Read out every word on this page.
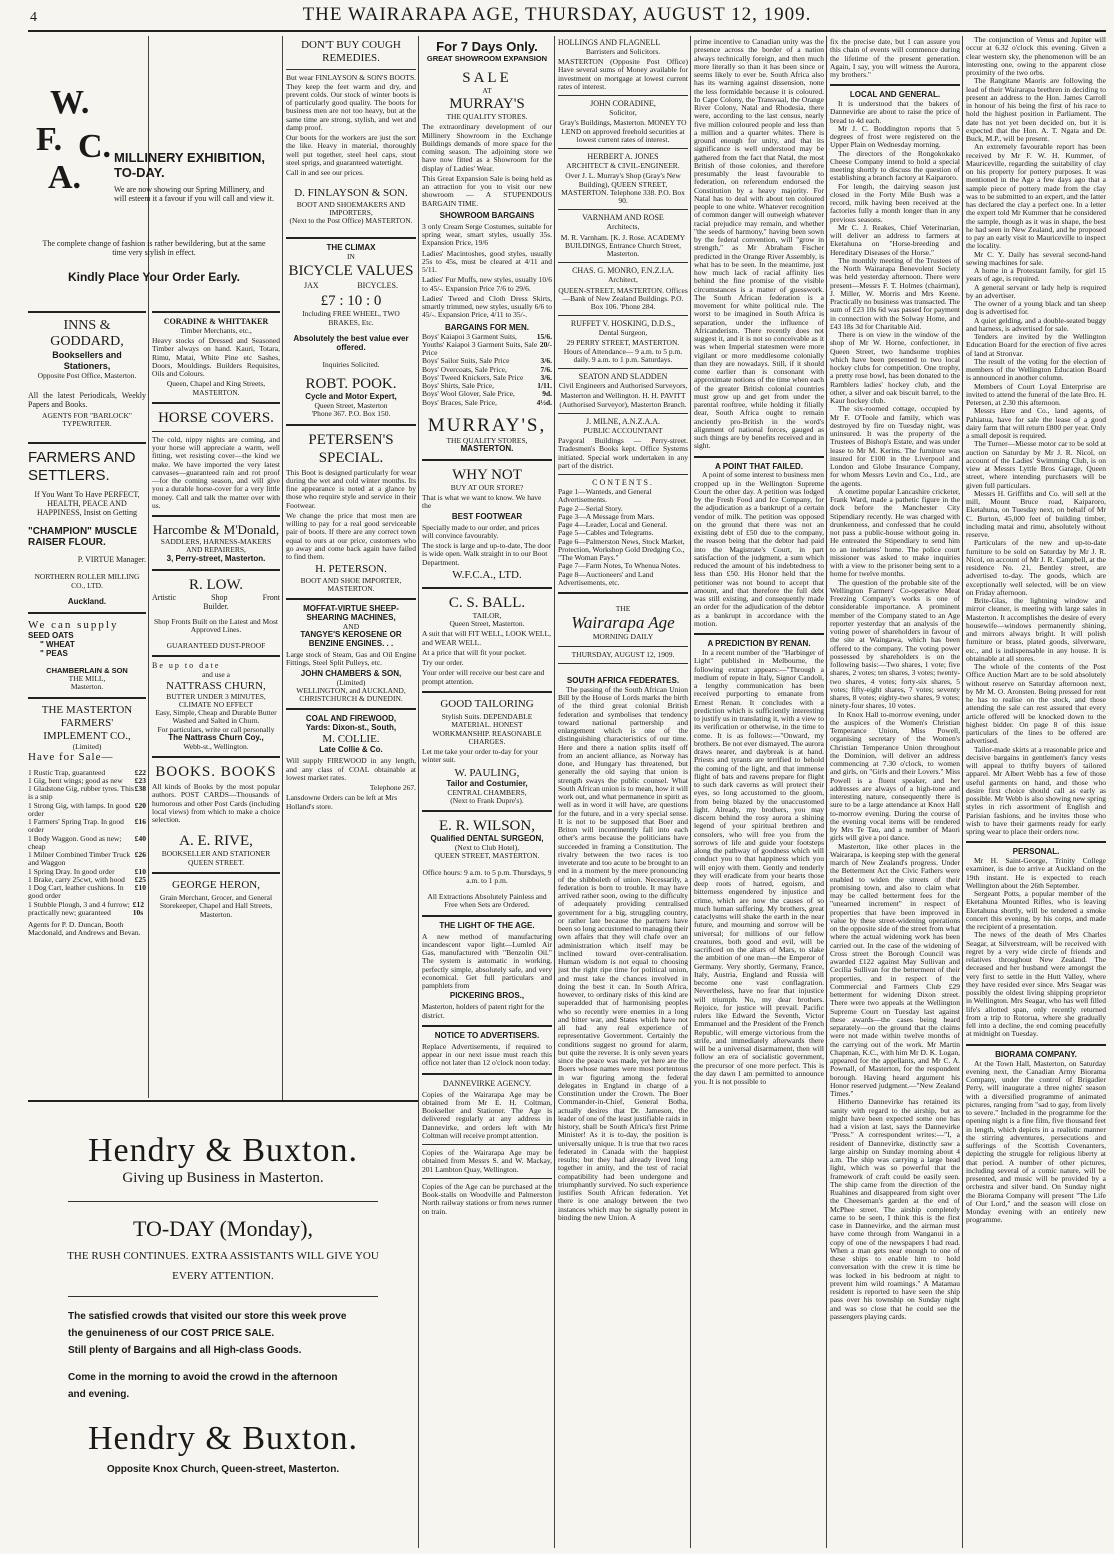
4	THE WAIRARAPA AGE, THURSDAY, AUGUST 12, 1909.
W.
F.
A.
C. MILLINERY EXHIBITION,
TO-DAY.
We are now showing our Spring Millinery, and will esteem it a favour if you will call and view it.
The complete change of fashion is rather bewildering, but at the same time very stylish in effect.
Kindly Place Your Order Early.
INNS & GODDARD,
Booksellers and Stationers,
Opposite Post Office, Masterton.

All the latest Periodicals, Weekly Papers and Books.

AGENTS FOR "BARLOCK" TYPEWRITER.
FARMERS AND SETTLERS.

If You Want To Have PERFECT, HEALTH, PEACE AND HAPPINESS, Insist on Getting

"CHAMPION" MUSCLE RAISER FLOUR.
P. VIRTUE Manager.
NORTHERN ROLLER MILLING CO., LTD.
Auckland.
We can supply
SEED OATS
" WHEAT
" PEAS
CHAMBERLAIN & SON
THE MILL,
Masterton.
THE MASTERTON FARMERS' IMPLEMENT CO.,
(Limited)
Have for Sale—
1 Rustic Trap, guaranteed	£22
1 Gig, bent wings; good as new £23
1 Gladstone Gig, rubber tyres. This is a snip
£38
1 Strong Gig, with lamps. In good order
£20
1 Farmers' Spring Trap. In good order
£16
1 Body Waggon. Good as new; cheap
£40
1 Milner Combined Timber Truck and Waggon
£26
1 Spring Dray. In good order	£10
1 Brake, carry 25cwt, with hood £25
1 Dog Cart, leather cushions. In good order
£10
1 Stubble Plough, 3 and 4 furrow; practically new; guaranteed
£12 10s
Agents for P. D. Duncan, Booth Macdonald, and Andrews and Bevan.
CORADINE & WHITTAKER
Timber Merchants, etc.,

Heavy stocks of Dressed and Seasoned Timber always on hand. Kauri, Totara, Rimu, Matai, White Pine etc Sashes, Doors, Mouldings. Builders Requisites, Oils and Colours.

Queen, Chapel and King Streets, MASTERTON.
HORSE COVERS.

The cold, nippy nights are coming, and your horse will appreciate a warm, well fitting, wet resisting cover—the kind we make. We have imported the very latest canvases—guaranteed rain and rot proof—for the coming season, and will give you a durable horse-cover for a very little money. Call and talk the matter over with us.

Harcombe & M'Donald,
SADDLERS, HARNESS-MAKERS AND REPAIRERS,
3, Perry-street, Masterton.
R. LOW.
Artistic	Shop	Front
Builder.

Shop Fronts Built on the Latest and Most Approved Lines.

GUARANTEED DUST-PROOF
Be up to date
and use a
NATTRASS CHURN,
BUTTER UNDER 3 MINUTES, CLIMATE NO EFFECT
Easy, Simple, Cheap and Durable Butter Washed and Salted in Churn.
For particulars, write or call personally
The Nattrass Churn Coy.,
Webb-st., Wellington.
BOOKS. BOOKS

All kinds of Books by the most popular authors. POST CARDS—Thousands of humorous and other Post Cards (including local views) from which to make a choice selection.

A. E. RIVE,
BOOKSELLER AND STATIONER
QUEEN STREET.
GEORGE HERON,

Grain Merchant, Grocer, and General Storekeeper, Chapel and Hall Streets, Masterton.

DON'T BUY COUGH REMEDIES.

But wear FINLAYSON & SON'S BOOTS. They keep the feet warm and dry, and prevent colds. Our stock of winter boots is of particularly good quality. The boots for business men are not too heavy, but at the same time are strong, stylish, and wet and damp proof.

Our boots for the workers are just the sort the like. Heavy in material, thoroughly well put together, steel heel caps, stout steel sprigs, and guaranteed watertight.

Call in and see our prices.

D. FINLAYSON & SON.
BOOT AND SHOEMAKERS AND IMPORTERS,
(Next to the Post Office) MASTERTON.
THE CLIMAX
IN
BICYCLE VALUES
JAX	BICYCLES.
£7 : 10 : 0
Including FREE WHEEL, TWO BRAKES, Etc.
Absolutely the best value ever offered.
Inquiries Solicited.
ROBT. POOK.
Cycle and Motor Expert,
Queen Street, Masterton
'Phone 367. P.O. Box 150.
PETERSEN'S SPECIAL.

This Boot is designed particularly for wear during the wet and cold winter months. Its fine appearance is noted at a glance by those who require style and service in their Footwear.

We change the price that most men are willing to pay for a real good serviceable pair of boots. If there are any correct town equal to ours at our price, customers who go away and come back again have failed to find them.

H. PETERSON.
BOOT AND SHOE IMPORTER,
MASTERTON.
MOFFAT-VIRTUE SHEEP-SHEARING MACHINES,
AND
TANGYE'S KEROSENE OR BENZINE ENGINES. . .

Large stock of Steam, Gas and Oil Engine Fittings, Steel Split Pulleys, etc.

JOHN CHAMBERS & SON,
(Limited)
WELLINGTON, and AUCKLAND, CHRISTCHURCH & DUNEDIN.
COAL AND FIREWOOD,
Yards: Dixon-st., South,
M. COLLIE.
Late Collie & Co.

Will supply FIREWOOD in any length, and any class of COAL obtainable at lowest market rates.

Telephone 267.

Lansdowne Orders can be left at Mrs Holland's store.

For 7 Days Only.
GREAT SHOWROOM EXPANSION
SALE
AT
MURRAY'S
THE QUALITY STORES.

The extraordinary development of our Millinery Showroom in the Exchange Buildings demands of more space for the coming season. The adjoining store we have now fitted as a Showroom for the display of Ladies' Wear.

This Great Expansion Sale is being held as an attraction for you to visit our new showroom — A STUPENDOUS BARGAIN TIME.

SHOWROOM BARGAINS

3 only Cream Serge Costumes, suitable for spring wear, smart styles, usually 35s. Expansion Price, 19/6

Ladies' Macintoshes, good styles, usually 25s to 45s, must be cleared at 4/11 and 5/11.

Ladies' Fur Muffs, new styles, usually 10/6 to 45/-. Expansion Price 7/6 to 29/6.

Ladies' Tweed and Cloth Dress Skirts, smartly trimmed, new styles, usually 6/6 to 45/-. Expansion Price, 4/11 to 35/-.

BARGAINS FOR MEN.
Boys' Kaiapoi 3 Garment Suits,	15/6.
Youths' Kaiapoi 3 Garment Suits, Sale Price
20/-
Boys' Sailor Suits, Sale Price	3/6.
Boys' Overcoats, Sale Price,	7/6.
Boys' Tweed Knickers, Sale Price 3/6.
Boys' Shirts, Sale Price,	1/11.
Boys' Wool Glover, Sale Price,	9d.
Boys' Braces, Sale Price,	4½d.
MURRAY'S,
THE QUALITY STORES,
MASTERTON.
WHY NOT
BUY AT OUR STORE?

That is what we want to know. We have the

BEST FOOTWEAR

Specially made to our order, and prices will convince favourably.

The stock is large and up-to-date, The door is wide open. Walk straight in to our Boot Department.

W.F.C.A., LTD.
C. S. BALL.
TAILOR,
Queen Street, Masterton.

A suit that will FIT WELL, LOOK WELL, and WEAR WELL.

At a price that will fit your pocket.

Try our order.

Your order will receive our best care and prompt attention.

GOOD TAILORING

Stylish Suits. DEPENDABLE MATERIAL. HONEST WORKMANSHIP. REASONABLE CHARGES.

Let me take your order to-day for your winter suit.

W. PAULING,
Tailor and Costumier,
CENTRAL CHAMBERS,
(Next to Frank Dupre's).
E. R. WILSON,
Qualified DENTAL SURGEON,
(Next to Club Hotel),
QUEEN STREET, MASTERTON.

Office hours: 9 a.m. to 5 p.m. Thursdays, 9 a.m. to 1 p.m.

All Extractions Absolutely Painless and Free when Sets are Ordered.

THE LIGHT OF THE AGE.

A new method of manufacturing incandescent vapor light—Lumled Air Gas, manufactured with "Benzolin Oil." The system is automatic in working, perfectly simple, absolutely safe, and very economical. Get full particulars and pamphlets from

PICKERING BROS.,

Masterton, holders of patent right for the district.

NOTICE TO ADVERTISERS.

Replace Advertisements, if required to appear in our next issue must reach this office not later than 12 o'clock noon today.

DANNEVIRKE AGENCY.

Copies of the Wairarapa Age may be obtained from Mr E. H. Coltman, Bookseller and Stationer. The Age is delivered regularly at any address in Dannevirke, and orders left with Mr Coltman will receive prompt attention.

Copies of the Wairarapa Age may be obtained from Messrs S. and W. Mackay, 201 Lambton Quay, Wellington.

Copies of the Age can be purchased at the Book-stalls on Woodville and Palmerston North railway stations or from news runner on train.

HOLLINGS AND FLAGNELL
Barristers and Solicitors.

MASTERTON (Opposite Post Office) Have several sums of Money available for investment on mortgage at lowest current rates of interest.

JOHN CORADINE,
Solicitor,

Gray's Buildings, Masterton. MONEY TO LEND on approved freehold securities at lowest current rates of interest.

HERBERT A. JONES
ARCHITECT & CIVIL-ENGINEER.

Over J. L. Murray's Shop (Gray's New Building), QUEEN STREET, MASTERTON. Telephone 338. P.O. Box 90.

VARNHAM AND ROSE
Architects,

M. R. Varnham. [K. J. Rose. ACADEMY BUILDINGS, Entrance Church Street, Masterton.

CHAS. G. MONRO, F.N.Z.I.A.
Architect,

QUEEN-STREET, MASTERTON. Offices—Bank of New Zealand Buildings. P.O. Box 106. 'Phone 284.

RUFFET V. HOSKING, D.D.S.,
Dental Surgeon,

29 PERRY STREET, MASTERTON. Hours of Attendance— 9 a.m. to 5 p.m. daily. 9 a.m. to 1 p.m. Saturdays.

SEATON AND SLADDEN
Civil Engineers and Authorised Surveyors,

Masterton and Wellington. H. H. PAVITT (Authorised Surveyor), Masterton Branch.

J. MILNE, A.N.Z.A.A.
PUBLIC ACCOUNTANT

Pavgoral Buildings — Perry-street. Tradesmen's Books kept. Office Systems initiated. Special work undertaken in any part of the district.

CONTENTS.
Page 1—Wanteds, and General Advertisements.
Page 2—Serial Story.
Page 3—A Message from Mars.
Page 4—Leader, Local and General.
Page 5—Cables and Telegrams.
Page 6—Palmerston News, Stock Market, Protection, Workshop Gold Dredging Co., "The Woman Pays."
Page 7—Farm Notes, To Whenua Notes.
Page 8—Auctioneers' and Land Advertisements, etc.
THE
Wairarapa Age
MORNING DAILY
THURSDAY, AUGUST 12, 1909.
SOUTH AFRICA FEDERATES.

The passing of the South African Union Bill by the House of Lords marks the birth of the third great colonial British federation and symbolises that tendency toward national partnership and enlargement which is one of the distinguishing characteristics of our time. Here and there a nation splits itself off from an ancient alliance, as Norway has done, and Hungary has threatened, but generally the old saying that union is strength sways the public counsel. What South African union is to mean, how it will work out, and what permanence in spirit as well as in word it will have, are questions for the future, and in a very special sense. It is not to be supposed that Boer and Briton will incontinently fall into each other's arms because the politicians have succeeded in framing a Constitution. The rivalry between the two races is too inveterate and too acute to be brought to an end in a moment by the mere pronouncing of the shibboleth of union. Necessarily, a federation is born to trouble. It may have arrived rather soon, owing to the difficulty of adequately providing centralised government for a big, struggling country, or rather late because the partners have been so long accustomed to managing their own affairs that they will chafe over an administration which itself may be inclined toward over-centralisation. Human wisdom is not equal to choosing just the right ripe time for political union, and must take the chances involved in doing the best it can. In South Africa, however, to ordinary risks of this kind are superadded that of harmonising peoples who so recently were enemies in a long and bitter war, and States which have not all had any real experience of representative Government. Certainly the conditions suggest no ground for alarm, but quite the reverse. It is only seven years since the peace was made, yet here are the Boers whose names were most portentous in war figuring among the federal delegates in England in charge of a Constitution under the Crown. The Boer Commander-in-Chief, General Botha, actually desires that Dr. Jameson, the leader of one of the least justifiable raids in history, shall be South Africa's first Prime Minister! As it is to-day, the position is universally unique. It is true that two races federated in Canada with the happiest results; but they had already lived long together in amity, and the test of racial compatibility had been undergone and triumphantly survived. No such experience justifies South African federation. Yet there is one analogy between the two instances which may be signally potent in binding the new Union. A

prime incentive to Canadian unity was the presence across the border of a nation always technically foreign, and then much more literally so than it has been since or seems likely to ever be. South Africa also has its warning against dissension, none the less formidable because it is coloured. In Cape Colony, the Transvaal, the Orange River Colony, Natal and Rhodesia, there were, according to the last census, nearly five million coloured people and less than a million and a quarter whites. There is ground enough for unity, and that its significance is well understood may be gathered from the fact that Natal, the most British of those colonies, and therefore presumably the least favourable to federation, on referendum endorsed the Constitution by a heavy majority. For Natal has to deal with about ten coloured people to one white. Whatever recognition of common danger will outweigh whatever racial prejudice may remain, and whether "the seeds of harmony," having been sown by the federal convention, will "grow in strength," as Mr Abraham Fischer predicted in the Orange River Assembly, is what has to be seen. In the meantime, just how much lack of racial affinity lies behind the fine promise of the visible circumstances is a matter of guesswork. The South African federation is a movement for white political rule. The worst to be imagined in South Africa is separation, under the influence of Africanderism. There recently does not suggest it, and it is not so conceivable as it was when Imperial statesmen were more vigilant or more meddlesome colonially than they are nowadays. Still, if it should come earlier than is consonant with approximate notions of the time when each of the greater British colonial countries must grow up and get from under the parental rooftree, while holding it filially dear, South Africa ought to remain anciently pro-British in the word's alignment of national forces, gauged as such things are by benefits received and in sight.

A POINT THAT FAILED.

A point of some interest to business men cropped up in the Wellington Supreme Court the other day. A petition was lodged by the Fresh Food and Ice Company, for the adjudication as a bankrupt of a certain vendor of milk. The petition was opposed on the ground that there was not an existing debt of £50 due to the company, the reason being that the debtor had paid into the Magistrate's Court, in part satisfaction of the judgment, a sum which reduced the amount of his indebtedness to less than £50. His Honor held that the petitioner was not bound to accept that amount, and that therefore the full debt was still existing, and consequently made an order for the adjudication of the debtor as a bankrupt in accordance with the motion.

A PREDICTION BY RENAN.

In a recent number of the "Harbinger of Light" published in Melbourne, the following extract appears:—"Through a medium of repute in Italy, Signor Candoli, a lengthy communication has been received purporting to emanate from Ernest Renan. It concludes with a prediction which is sufficiently interesting to justify us in translating it, with a view to its verification or otherwise, in the time to come. It is as follows:—"Onward, my brothers. Be not ever dismayed. The aurora draws nearer, and daybreak is at hand. Priests and tyrants are terrified to behold the coming of the light, and that immense flight of bats and ravens prepare for flight to such dark caverns as will protect their eyes, so long accustomed to the gloom, from being blazed by the unaccustomed light. Already, my brothers, you may discern behind the rosy aurora a shining legend of your spiritual brethren and consolers, who will free you from the sorrows of life and guide your footsteps along the pathway of goodness which will conduct you to that happiness which you will enjoy with them. Gently and tenderly they will eradicate from your hearts those deep roots of hatred, egoism, and bitterness engendered by injustice and crime, which are now the causes of so much human suffering. My brothers, great cataclysms will shake the earth in the near future, and mourning and sorrow will be universal; for millions of our fellow creatures, both good and evil, will be sacrificed on the altars of Mars, to slake the ambition of one man—the Emperor of Germany. Very shortly, Germany, France, Italy, Austria, England and Russia will become one vast conflagration. Nevertheless, have no fear that injustice will triumph. No, my dear brothers. Rejoice, for justice will prevail. Pacific rulers like Edward the Seventh, Victor Emmanuel and the President of the French Republic, will emerge victorious from the strife, and immediately afterwards there will be a universal disarmament, then will follow an era of socialistic government, the precursor of one more perfect. This is the day dawn I am permitted to announce you. It is not possible to

fix the precise date, but I can assure you this chain of events will commence during the lifetime of the present generation. Again, I say, you will witness the Aurora, my brothers."

LOCAL AND GENERAL.

It is understood that the bakers of Dannevirke are about to raise the price of bread to 4d each.

Mr J. C. Boddington reports that 5 degrees of frost were registered on the Upper Plain on Wednesday morning.

The directors of the Rongokokako Cheese Company intend to hold a special meeting shortly to discuss the question of establishing a branch factory at Kaiparoro.

For length, the dairying season just closed in the Forty Mile Bush was a record, milk having been received at the factories fully a month longer than in any previous seasons.

Mr C. J. Reakes, Chief Veterinarian, will deliver an address to farmers at Eketahuna on "Horse-breeding and Hereditary Diseases of the Horse."

The monthly meeting of the Trustees of the North Wairarapa Benevolent Society was held yesterday afternoon. There were present—Messrs F. T. Holmes (chairman), J. Miller, W. Morris and Mrs Keene. Practically no business was transacted. The sum of £23 10s 6d was passed for payment in connection with the Solway Home, and £43 18s 3d for Charitable Aid.

There is on view in the window of the shop of Mr W. Horne, confectioner, in Queen Street, two handsome trophies which have been presented to two local hockey clubs for competition. One trophy, a pretty rose bowl, has been donated to the Ramblers ladies' hockey club, and the other, a silver and oak biscuit barrel, to the Kaur hockey club.

The six-roomed cottage, occupied by Mr F. O'Toole and family, which was destroyed by fire on Tuesday night, was uninsured. It was the property of the Trustees of Bishop's Estate, and was under lease to Mr M. Kerins. The furniture was insured for £100 in the Liverpool and London and Globe Insurance Company, for whom Messrs Levin and Co., Ltd., are the agents.

A onetime popular Lancashire cricketer, Frank Ward, made a pathetic figure in the dock before the Manchester City Stipendiary recently. He was charged with drunkenness, and confessed that he could not pass a public-house without going in. He entreated the Stipendiary to send him to an inebriates' home. The police court missioner was asked to make inquiries with a view to the prisoner being sent to a home for twelve months.

The question of the probable site of the Wellington Farmers' Co-operative Meat Freezing Company's works is one of considerable importance. A prominent member of the Company stated to an Age reporter yesterday that an analysis of the voting power of shareholders in favour of the site at Waingawa, which has been offered to the company. The voting power possessed by shareholders is on the following basis:—Two shares, 1 vote; five shares, 2 votes; ten shares, 3 votes; twenty-two shares, 4 votes; forty-six shares, 5 votes; fifty-eight shares, 7 votes; seventy shares, 8 votes; eighty-two shares, 9 votes; ninety-four shares, 10 votes.

In Knox Hall to-morrow evening, under the auspices of the Women's Christian Temperance Union, Miss Powell, organising secretary of the Women's Christian Temperance Union throughout the Dominion, will deliver an address commencing at 7.30 o'clock, to women and girls, on "Girls and their Lovers." Miss Powell is a fluent speaker, and her addresses are always of a high-tone and interesting nature, consequently there is sure to be a large attendance at Knox Hall to-morrow evening. During the course of the evening vocal items will be rendered by Mrs Te Tau, and a number of Maori girls will give a poi dance.

Masterton, like other places in the Wairarapa, is keeping step with the general march of New Zealand's progress. Under the Betterment Act the Civic Fathers were enabled to widen the streets of their promising town, and also to claim what may be called betterment fees for the "unearned increment" in respect of properties that have been improved in value by these street-widening operations on the opposite side of the street from what where the actual widening work has been carried out. In the case of the widening of Cross street the Borough Council was awarded £122 against May Sullivan and Cecilia Sullivan for the betterment of their properties, and in respect of the Commercial and Farmers Club £29 betterment for widening Dixon street. There were two appeals at the Wellington Supreme Court on Tuesday last against these awards—the cases being heard separately—on the ground that the claims were not made within twelve months of the carrying out of the work. Mr Martin Chapman, K.C., with him Mr D. K. Logan, appeared for the appellants, and Mr C. A. Pownall, of Masterton, for the respondent borough. Having heard argument his Honor reserved judgment.—"New Zealand Times."

Hitherto Dannevirke has retained its sanity with regard to the airship, but as might have been expected some one has had a vision at last, says the Dannevirke "Press." A correspondent writes:—"I, a resident of Dannevirke, distinctly saw a large airship on Sunday morning about 4 a.m. The ship was carrying a large head light, which was so powerful that the framework of craft could be easily seen. The ship came from the direction of the Ruahines and disappeared from sight over the Cheeseman's garden at the end of McPhee street. The airship completely came to be seen, I think this is the first case in Dannevirke, and the airman must have come through from Wanganui in a copy of one of the newspapers I had read. When a man gets near enough to one of these ships to enable him to hold conversation with the crew it is time he was locked in his bedroom at night to prevent him wild roamings." A Matamau resident is reported to have seen the ship pass over his township on Sunday night and was so close that he could see the passengers playing cards.

The conjunction of Venus and Jupiter will occur at 6.32 o'clock this evening. Given a clear western sky, the phenomenon will be an interesting one, owing to the apparent close proximity of the two orbs.

The Rangitane Maoris are following the lead of their Wairarapa brethren in deciding to present an address to the Hon. James Carroll in honour of his being the first of his race to hold the highest position in Parliament. The date has not yet been decided on, but it is expected that the Hon. A. T. Ngata and Dr. Buck, M.P., will be present.

An extremely favourable report has been received by Mr F. W. H. Kummer, of Mauriceville, regarding the suitability of clay on his property for pottery purposes. It was mentioned in the Age a few days ago that a sample piece of pottery made from the clay was to be submitted to an expert, and the latter has declared the clay a perfect one. In a letter the expert told Mr Kummer that he considered the sample, though as it was in shape, the best he had seen in New Zealand, and he proposed to pay an early visit to Mauriceville to inspect the locality.

Mr C. Y. Daily has several second-hand sewing machines for sale.

A home in a Protestant family, for girl 15 years of age, is required.

A general servant or lady help is required by an advertiser.

The owner of a young black and tan sheep dog is advertised for.

A quiet gelding, and a double-seated buggy and harness, is advertised for sale.

Tenders are invited by the Wellington Education Board for the erection of five acres of land at Stronvar.

The result of the voting for the election of members of the Wellington Education Board is announced in another column.

Members of Court Loyal Enterprise are invited to attend the funeral of the late Bro. H. Petersen, at 2.30 this afternoon.

Messrs Hare and Co., land agents, of Pahiatua, have for sale the lease of a good dairy farm that will return £800 per year. Only a small deposit is required.

The Turner—Miesse motor car to be sold at auction on Saturday by Mr J. R. Nicol, on account of the Ladies' Swimming Club, is on view at Messrs Lyttle Bros Garage, Queen street, where intending purchasers will be given full particulars.

Messrs H. Griffiths and Co. will sell at the mill, Mount Bruce road, Kaiparoro, Eketahuna, on Tuesday next, on behalf of Mr C. Burton, 45,000 feet of building timber, including matai and rimu, absolutely without reserve.

Particulars of the new and up-to-date furniture to be sold on Saturday by Mr J. R. Nicol, on account of Mr J. R. Campbell, at the residence No. 21, Bentley street, are advertised to-day. The goods, which are exceptionally well selected, will be on view on Friday afternoon.

Brite-Glas, the lightning window and mirror cleaner, is meeting with large sales in Masterton. It accomplishes the desire of every housewife—windows permanently shining, and mirrors always bright. It will polish furniture or brass, plated goods, silverware, etc., and is indispensable in any house. It is obtainable at all stores.

The whole of the contents of the Post Office Auction Mart are to be sold absolutely without reserve on Saturday afternoon next, by Mr M. O. Aronsten. Being pressed for rent he has to realise on the stock, and those attending the sale can rest assured that every article offered will be knocked down to the highest bidder. On page 8 of this issue particulars of the lines to be offered are advertised.

Tailor-made skirts at a reasonable price and decisive bargains in gentlemen's fancy vests will appeal to thrifty buyers of tailored apparel. Mr Albert Webb has a few of those useful garments on hand, and those who desire first choice should call as early as possible. Mr Webb is also showing new spring styles in rich assortment of English and Parisian fashions, and he invites those who wish to have their garments ready for early spring wear to place their orders now.

PERSONAL.

Mr H. Saint-George, Trinity College examiner, is due to arrive at Auckland on the 19th instant. He is expected to reach Wellington about the 26th September.

Sergeant Potts, a popular member of the Eketahuna Mounted Rifles, who is leaving Eketahuna shortly, will be tendered a smoke concert this evening, by his corps, and made the recipient of a presentation.

The news of the death of Mrs Charles Seagar, at Silverstream, will be received with regret by a very wide circle of friends and relatives throughout New Zealand. The deceased and her husband were amongst the very first to settle in the Hutt Valley, where they have resided ever since. Mrs Seagar was possibly the oldest living shipping proprietor in Wellington. Mrs Seagar, who has well filled life's allotted span, only recently returned from a trip to Rotorua, where she gradually fell into a decline, the end coming peacefully at midnight on Tuesday.

BIORAMA COMPANY.

At the Town Hall, Masterton, on Saturday evening next, the Canadian Army Biorama Company, under the control of Brigadier Perry, will inaugurate a three nights' season with a diversified programme of animated pictures, ranging from "sad to gay, from lively to severe." Included in the programme for the opening night is a fine film, five thousand feet in length, which depicts in a realistic manner the stirring adventures, persecutions and sufferings of the Scottish Covenanters, depicting the struggle for religious liberty at that period. A number of other pictures, including several of a comic nature, will be presented, and music will be provided by a orchestra and silver band. On Sunday night the Biorama Company will present "The Life of Our Lord," and the season will close on Monday evening with an entirely new programme.

Hendry & Buxton.
Giving up Business in Masterton.
TO-DAY (Monday),
THE RUSH CONTINUES. EXTRA ASSISTANTS WILL GIVE YOU
EVERY ATTENTION.
The satisfied crowds that visited our store this week prove
the genuineness of our COST PRICE SALE.
Still plenty of Bargains and all High-class Goods.
Come in the morning to avoid the crowd in the afternoon
and evening.
Hendry & Buxton.
Opposite Knox Church, Queen-street, Masterton.
